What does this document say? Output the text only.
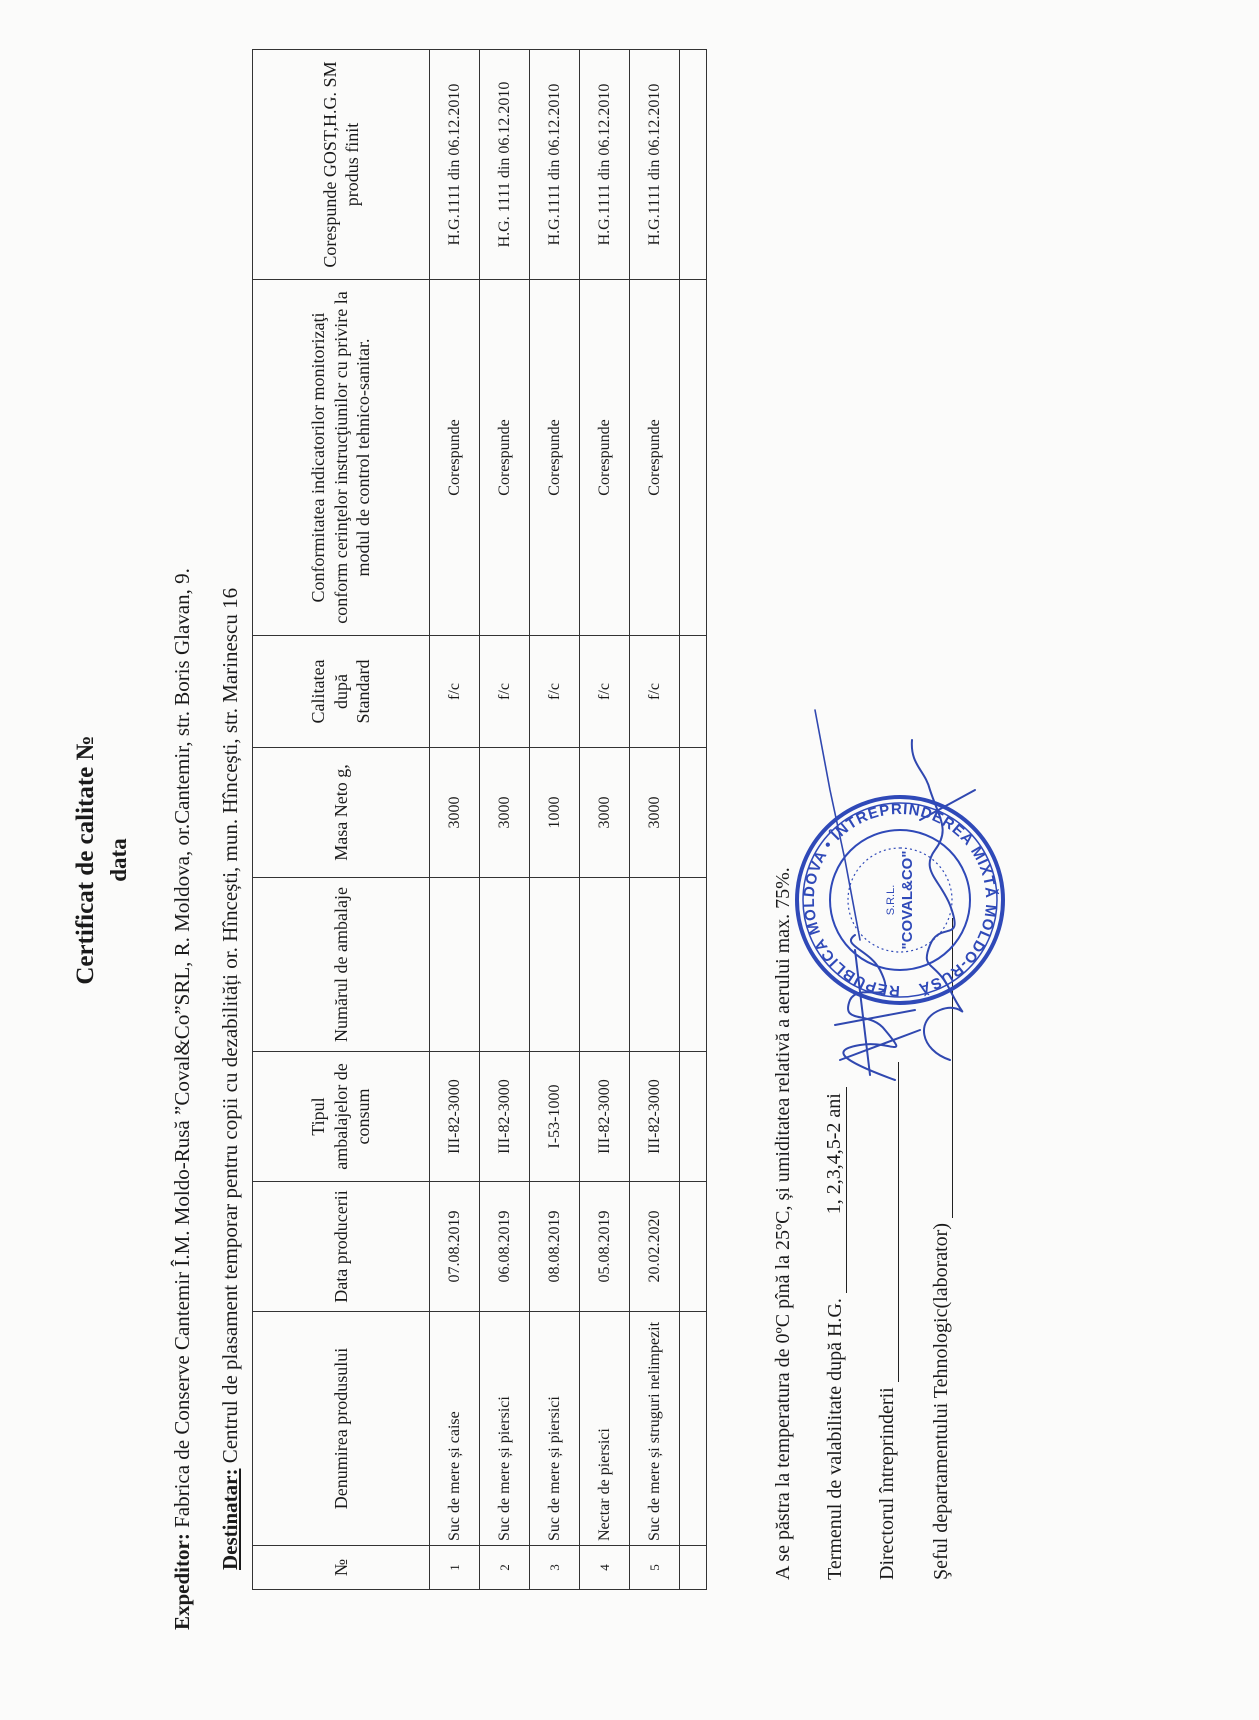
Certificat de calitate № data
Expeditor: Fabrica de Conserve Cantemir Î.M. Moldo-Rusă ”Coval&Co”SRL, R. Moldova, or.Cantemir, str. Boris Glavan, 9. Destinatar: Centrul de plasament temporar pentru copii cu dezabilități or. Hîncești, mun. Hîncești, str. Marinescu 16
№	Denumirea produsului	Data producerii	Tipul ambalajelor de consum	Numărul de ambalaje	Masa Neto g,	Calitatea după Standard	Conformitatea indicatorilor monitorizaţi conform cerinţelor instrucţiunilor cu privire la modul de control tehnico-sanitar.	Corespunde GOST,H.G. SM produs finit
1	Suc de mere și caise	07.08.2019	III-82-3000		3000	f/c	Corespunde	H.G.1111 din 06.12.2010
2	Suc de mere și piersici	06.08.2019	III-82-3000		3000	f/c	Corespunde	H.G. 1111 din 06.12.2010
3	Suc de mere și piersici	08.08.2019	I-53-1000		1000	f/c	Corespunde	H.G.1111 din 06.12.2010
4	Nectar de piersici	05.08.2019	III-82-3000		3000	f/c	Corespunde	H.G.1111 din 06.12.2010
5	Suc de mere și struguri nelimpezit	20.02.2020	III-82-3000		3000	f/c	Corespunde	H.G.1111 din 06.12.2010

A se păstra la temperatura de 0ºC pînă la 25ºC, și umiditatea relativă a aerului max. 75%. Termenul de valabilitate după H.G. 1, 2,3,4,5-2 ani
Directorul întreprinderii Şeful departamentului Tehnologic(laborator)
REPUBLICA MOLDOVA • ÎNTREPRINDEREA MIXTĂ MOLDO-RUSĂ
S.R.L. "COVAL&CO"
